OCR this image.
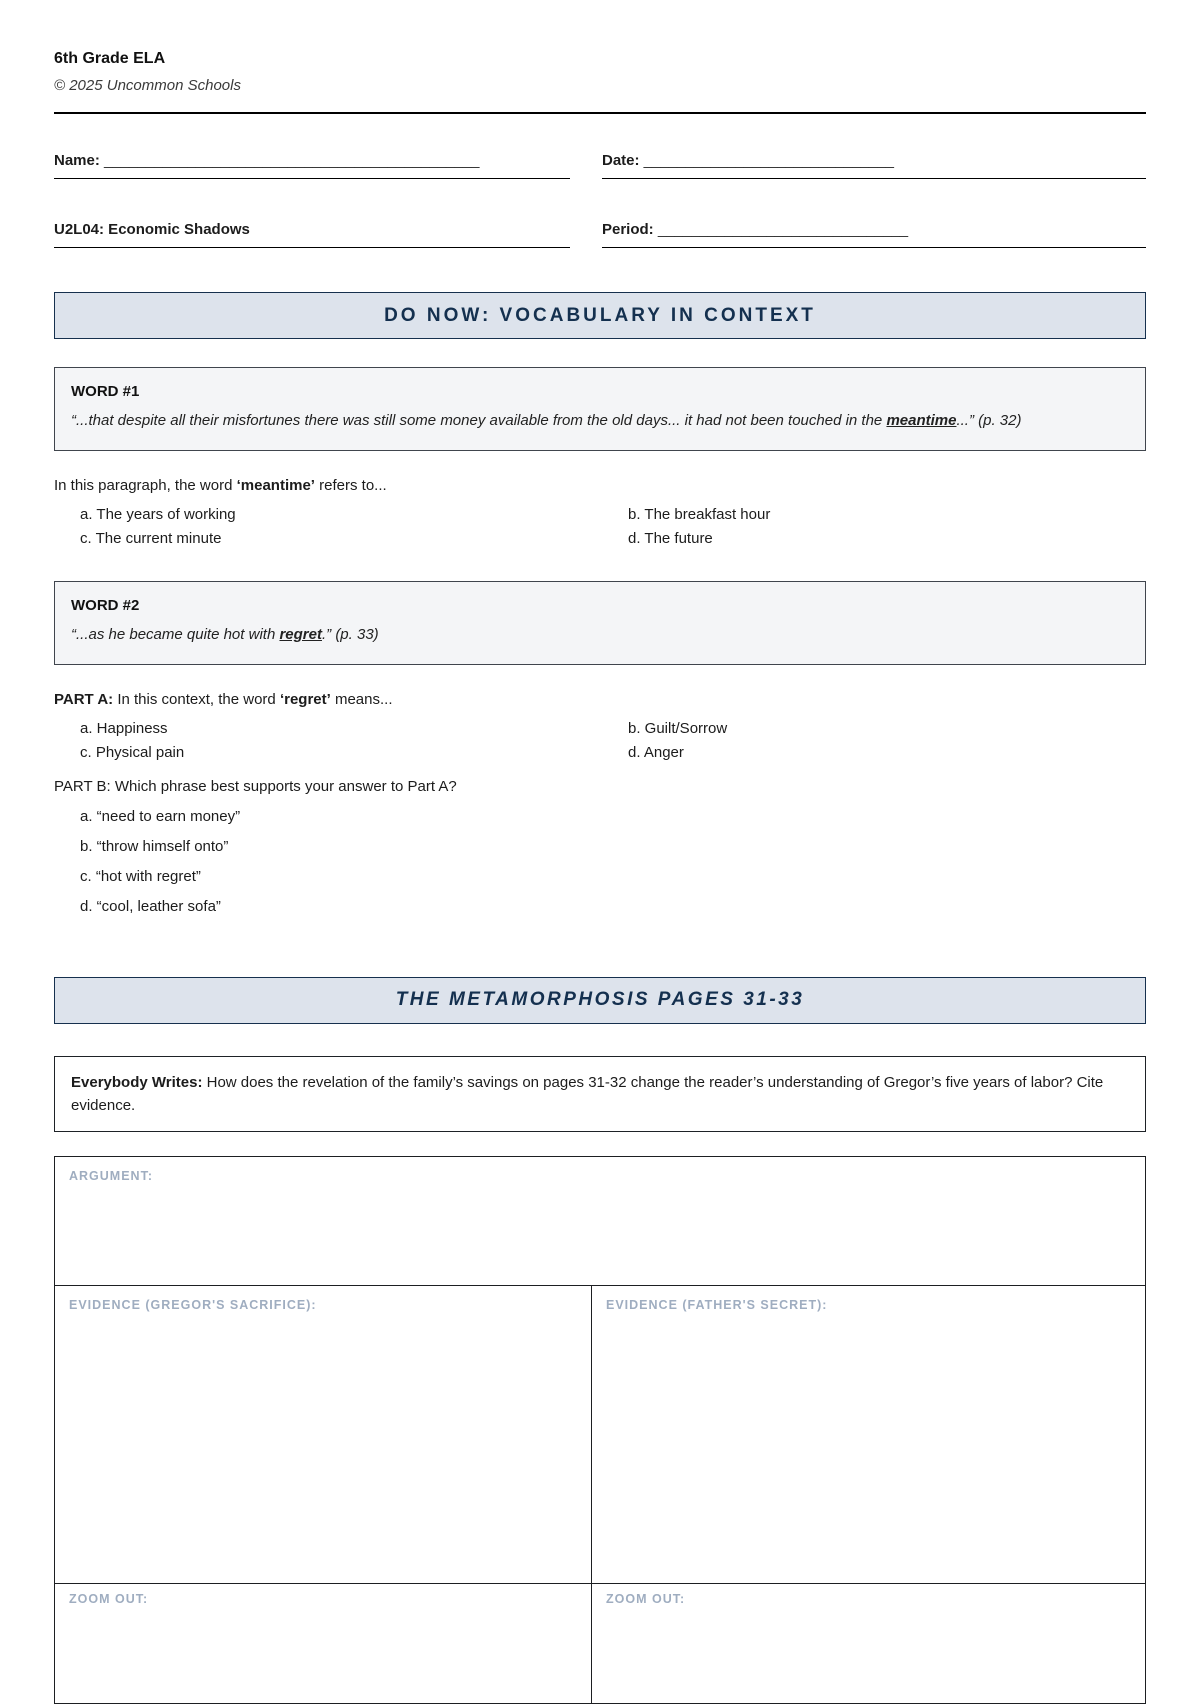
6th Grade ELA
© 2025 Uncommon Schools
Name: _____________________________________________	Date: ______________________________
U2L04: Economic Shadows	Period: ______________________________
DO NOW: VOCABULARY IN CONTEXT
WORD #1
“...that despite all their misfortunes there was still some money available from the old days... it had not been touched in the meantime...” (p. 32)

In this paragraph, the word ‘meantime’ refers to...

a. The years of working	b. The breakfast hour
c. The current minute	d. The future
WORD #2
“...as he became quite hot with regret.” (p. 33)

PART A: In this context, the word ‘regret’ means...

a. Happiness	b. Guilt/Sorrow
c. Physical pain	d. Anger

PART B: Which phrase best supports your answer to Part A?

a. “need to earn money”
b. “throw himself onto”
c. “hot with regret”
d. “cool, leather sofa”
THE METAMORPHOSIS PAGES 31-33

Everybody Writes: How does the revelation of the family’s savings on pages 31-32 change the reader’s understanding of Gregor’s five years of labor? Cite evidence.

ARGUMENT:
EVIDENCE (GREGOR'S SACRIFICE):	EVIDENCE (FATHER'S SECRET):
ZOOM OUT:	ZOOM OUT:
